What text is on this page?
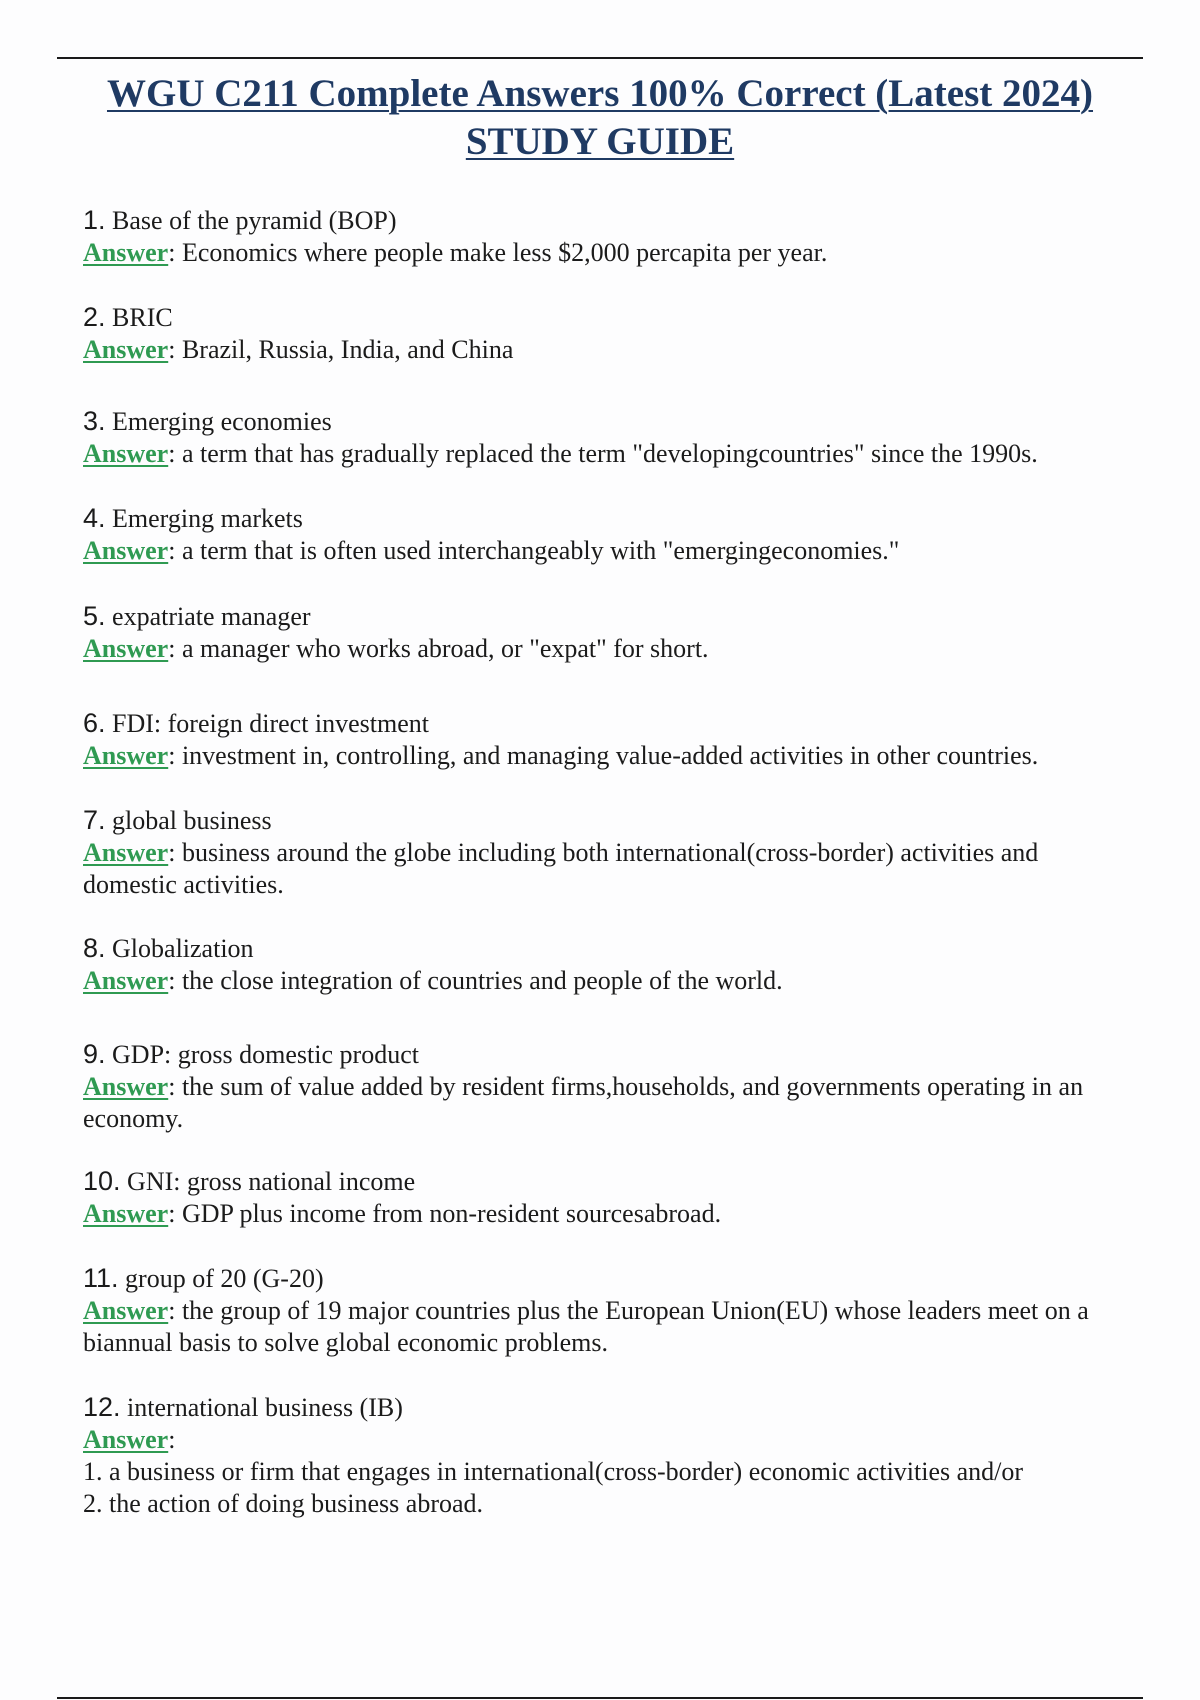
WGU C211 Complete Answers 100% Correct (Latest 2024)
STUDY GUIDE
1. Base of the pyramid (BOP)
Answer: Economics where people make less $2,000 percapita per year.
2. BRIC
Answer: Brazil, Russia, India, and China
3. Emerging economies
Answer: a term that has gradually replaced the term "developingcountries" since the 1990s.
4. Emerging markets
Answer: a term that is often used interchangeably with "emergingeconomies."
5. expatriate manager
Answer: a manager who works abroad, or "expat" for short.
6. FDI: foreign direct investment
Answer: investment in, controlling, and managing value-added activities in other countries.
7. global business
Answer: business around the globe including both international(cross-border) activities and domestic activities.
8. Globalization
Answer: the close integration of countries and people of the world.
9. GDP: gross domestic product
Answer: the sum of value added by resident firms,households, and governments operating in an economy.
10. GNI: gross national income
Answer: GDP plus income from non-resident sourcesabroad.
11. group of 20 (G-20)
Answer: the group of 19 major countries plus the European Union(EU) whose leaders meet on a biannual basis to solve global economic problems.
12. international business (IB)
Answer:
1. a business or firm that engages in international(cross-border) economic activities and/or
2. the action of doing business abroad.
